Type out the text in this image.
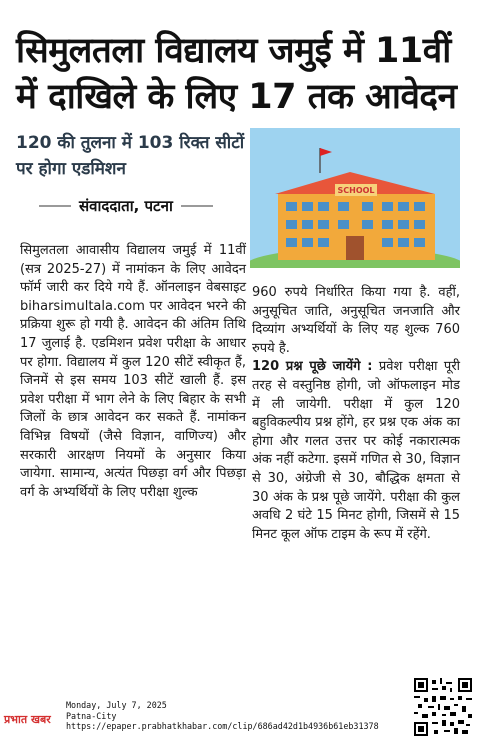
सिमुलतला विद्यालय जमुई में 11वीं में दाखिले के लिए 17 तक आवेदन
120 की तुलना में 103 रिक्त सीटों पर होगा एडमिशन
संवाददाता, पटना
SCHOOL
सिमुलतला आवासीय विद्यालय जमुई में 11वीं (सत्र 2025-27) में नामांकन के लिए आवेदन फॉर्म जारी कर दिये गये हैं. ऑनलाइन वेबसाइट biharsimultala.com पर आवेदन भरने की प्रक्रिया शुरू हो गयी है. आवेदन की अंतिम तिथि 17 जुलाई है. एडमिशन प्रवेश परीक्षा के आधार पर होगा. विद्यालय में कुल 120 सीटें स्वीकृत हैं, जिनमें से इस समय 103 सीटें खाली हैं. इस प्रवेश परीक्षा में भाग लेने के लिए बिहार के सभी जिलों के छात्र आवेदन कर सकते हैं. नामांकन विभिन्न विषयों (जैसे विज्ञान, वाणिज्य) और सरकारी आरक्षण नियमों के अनुसार किया जायेगा. सामान्य, अत्यंत पिछड़ा वर्ग और पिछड़ा वर्ग के अभ्यर्थियों के लिए परीक्षा शुल्क
960 रुपये निर्धारित किया गया है. वहीं, अनुसूचित जाति, अनुसूचित जनजाति और दिव्यांग अभ्यर्थियों के लिए यह शुल्क 760 रुपये है.
120 प्रश्न पूछे जायेंगे : प्रवेश परीक्षा पूरी तरह से वस्तुनिष्ठ होगी, जो ऑफलाइन मोड में ली जायेगी. परीक्षा में कुल 120 बहुविकल्पीय प्रश्न होंगे, हर प्रश्न एक अंक का होगा और गलत उत्तर पर कोई नकारात्मक अंक नहीं कटेगा. इसमें गणित से 30, विज्ञान से 30, अंग्रेजी से 30, बौद्धिक क्षमता से 30 अंक के प्रश्न पूछे जायेंगे. परीक्षा की कुल अवधि 2 घंटे 15 मिनट होगी, जिसमें से 15 मिनट कूल ऑफ टाइम के रूप में रहेंगे.
प्रभात खबर
Monday, July 7, 2025
Patna-City
https://epaper.prabhatkhabar.com/clip/686ad42d1b4936b61eb31378
